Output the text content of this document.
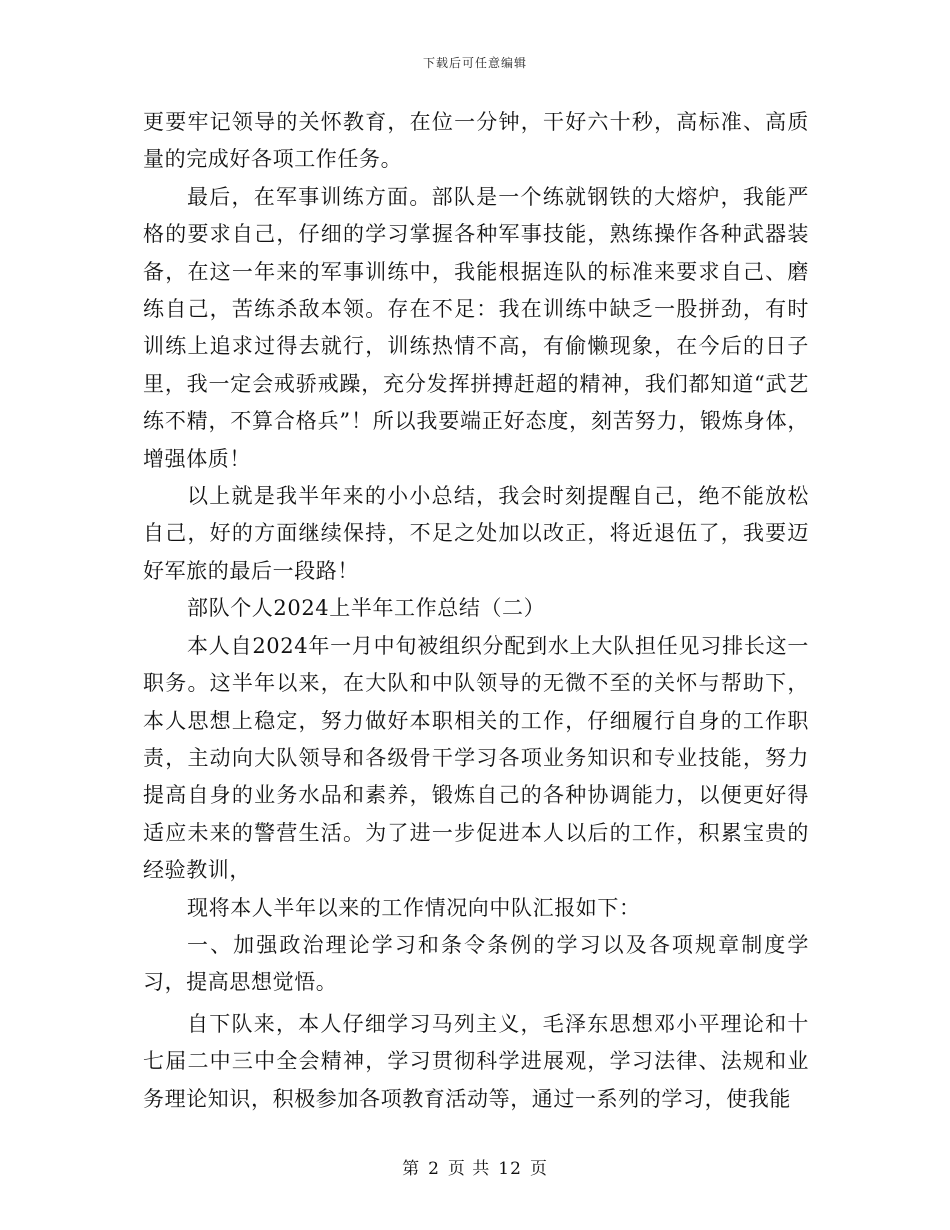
下载后可任意编辑

更要牢记领导的关怀教育，在位一分钟，干好六十秒，高标准、高质量的完成好各项工作任务。

最后，在军事训练方面。部队是一个练就钢铁的大熔炉，我能严格的要求自己，仔细的学习掌握各种军事技能，熟练操作各种武器装备，在这一年来的军事训练中，我能根据连队的标准来要求自己、磨练自己，苦练杀敌本领。存在不足：我在训练中缺乏一股拼劲，有时训练上追求过得去就行，训练热情不高，有偷懒现象，在今后的日子里，我一定会戒骄戒躁，充分发挥拼搏赶超的精神，我们都知道“武艺练不精，不算合格兵”！所以我要端正好态度，刻苦努力，锻炼身体，增强体质！

以上就是我半年来的小小总结，我会时刻提醒自己，绝不能放松自己，好的方面继续保持，不足之处加以改正，将近退伍了，我要迈好军旅的最后一段路！

部队个人2024上半年工作总结（二）

本人自2024年一月中旬被组织分配到水上大队担任见习排长这一职务。这半年以来，在大队和中队领导的无微不至的关怀与帮助下，本人思想上稳定，努力做好本职相关的工作，仔细履行自身的工作职责，主动向大队领导和各级骨干学习各项业务知识和专业技能，努力提高自身的业务水品和素养，锻炼自己的各种协调能力，以便更好得适应未来的警营生活。为了进一步促进本人以后的工作，积累宝贵的经验教训，

现将本人半年以来的工作情况向中队汇报如下：

一、加强政治理论学习和条令条例的学习以及各项规章制度学习，提高思想觉悟。

自下队来，本人仔细学习马列主义，毛泽东思想邓小平理论和十七届二中三中全会精神，学习贯彻科学进展观，学习法律、法规和业务理论知识，积极参加各项教育活动等，通过一系列的学习，使我能

第 2 页 共 12 页
